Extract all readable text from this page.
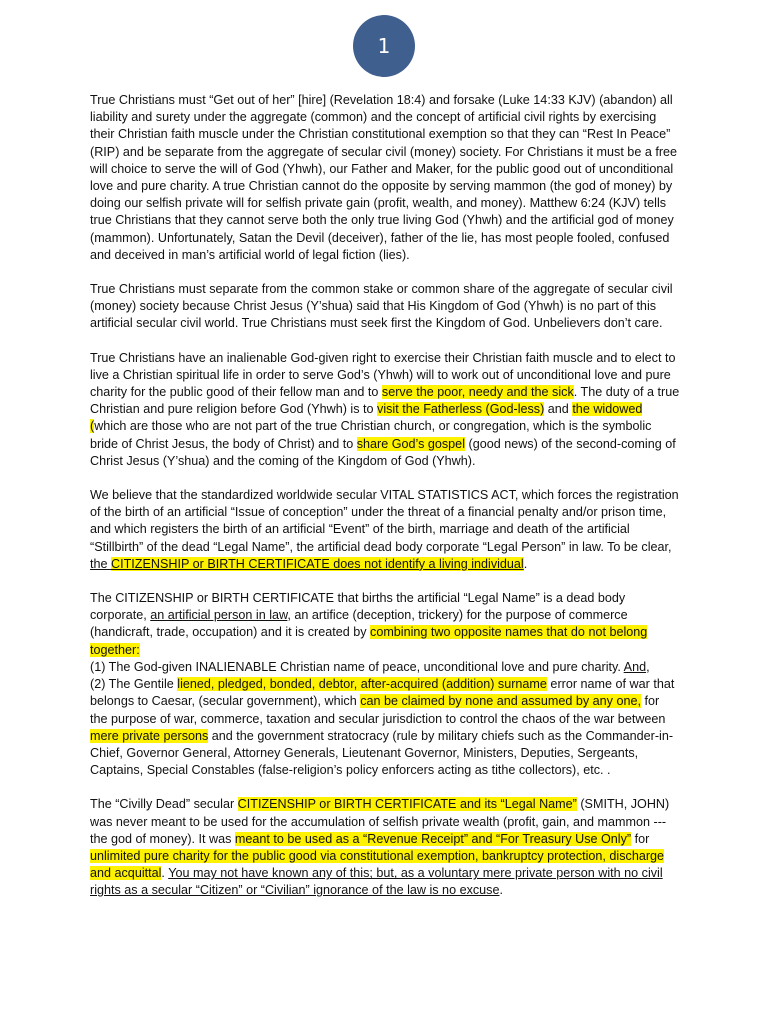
1

True Christians must “Get out of her” [hire] (Revelation 18:4) and forsake (Luke 14:33 KJV) (abandon) all liability and surety under the aggregate (common) and the concept of artificial civil rights by exercising their Christian faith muscle under the Christian constitutional exemption so that they can “Rest In Peace” (RIP) and be separate from the aggregate of secular civil (money) society. For Christians it must be a free will choice to serve the will of God (Yhwh), our Father and Maker, for the public good out of unconditional love and pure charity. A true Christian cannot do the opposite by serving mammon (the god of money) by doing our selfish private will for selfish private gain (profit, wealth, and money). Matthew 6:24 (KJV) tells true Christians that they cannot serve both the only true living God (Yhwh) and the artificial god of money (mammon). Unfortunately, Satan the Devil (deceiver), father of the lie, has most people fooled, confused and deceived in man’s artificial world of legal fiction (lies).

True Christians must separate from the common stake or common share of the aggregate of secular civil (money) society because Christ Jesus (Y’shua) said that His Kingdom of God (Yhwh) is no part of this artificial secular civil world. True Christians must seek first the Kingdom of God. Unbelievers don’t care.

True Christians have an inalienable God-given right to exercise their Christian faith muscle and to elect to live a Christian spiritual life in order to serve God’s (Yhwh) will to work out of unconditional love and pure charity for the public good of their fellow man and to serve the poor, needy and the sick. The duty of a true Christian and pure religion before God (Yhwh) is to visit the Fatherless (God-less) and the widowed (which are those who are not part of the true Christian church, or congregation, which is the symbolic bride of Christ Jesus, the body of Christ) and to share God’s gospel (good news) of the second-coming of Christ Jesus (Y’shua) and the coming of the Kingdom of God (Yhwh).

We believe that the standardized worldwide secular VITAL STATISTICS ACT, which forces the registration of the birth of an artificial “Issue of conception” under the threat of a financial penalty and/or prison time, and which registers the birth of an artificial “Event” of the birth, marriage and death of the artificial “Stillbirth” of the dead “Legal Name”, the artificial dead body corporate “Legal Person” in law. To be clear, the CITIZENSHIP or BIRTH CERTIFICATE does not identify a living individual.

The CITIZENSHIP or BIRTH CERTIFICATE that births the artificial “Legal Name” is a dead body corporate, an artificial person in law, an artifice (deception, trickery) for the purpose of commerce (handicraft, trade, occupation) and it is created by combining two opposite names that do not belong together:
(1) The God-given INALIENABLE Christian name of peace, unconditional love and pure charity. And,
(2) The Gentile liened, pledged, bonded, debtor, after-acquired (addition) surname error name of war that belongs to Caesar, (secular government), which can be claimed by none and assumed by any one, for the purpose of war, commerce, taxation and secular jurisdiction to control the chaos of the war between mere private persons and the government stratocracy (rule by military chiefs such as the Commander-in-Chief, Governor General, Attorney Generals, Lieutenant Governor, Ministers, Deputies, Sergeants, Captains, Special Constables (false-religion’s policy enforcers acting as tithe collectors), etc. .

The “Civilly Dead” secular CITIZENSHIP or BIRTH CERTIFICATE and its “Legal Name” (SMITH, JOHN) was never meant to be used for the accumulation of selfish private wealth (profit, gain, and mammon --- the god of money). It was meant to be used as a “Revenue Receipt” and “For Treasury Use Only” for unlimited pure charity for the public good via constitutional exemption, bankruptcy protection, discharge and acquittal. You may not have known any of this; but, as a voluntary mere private person with no civil rights as a secular “Citizen” or “Civilian” ignorance of the law is no excuse.
